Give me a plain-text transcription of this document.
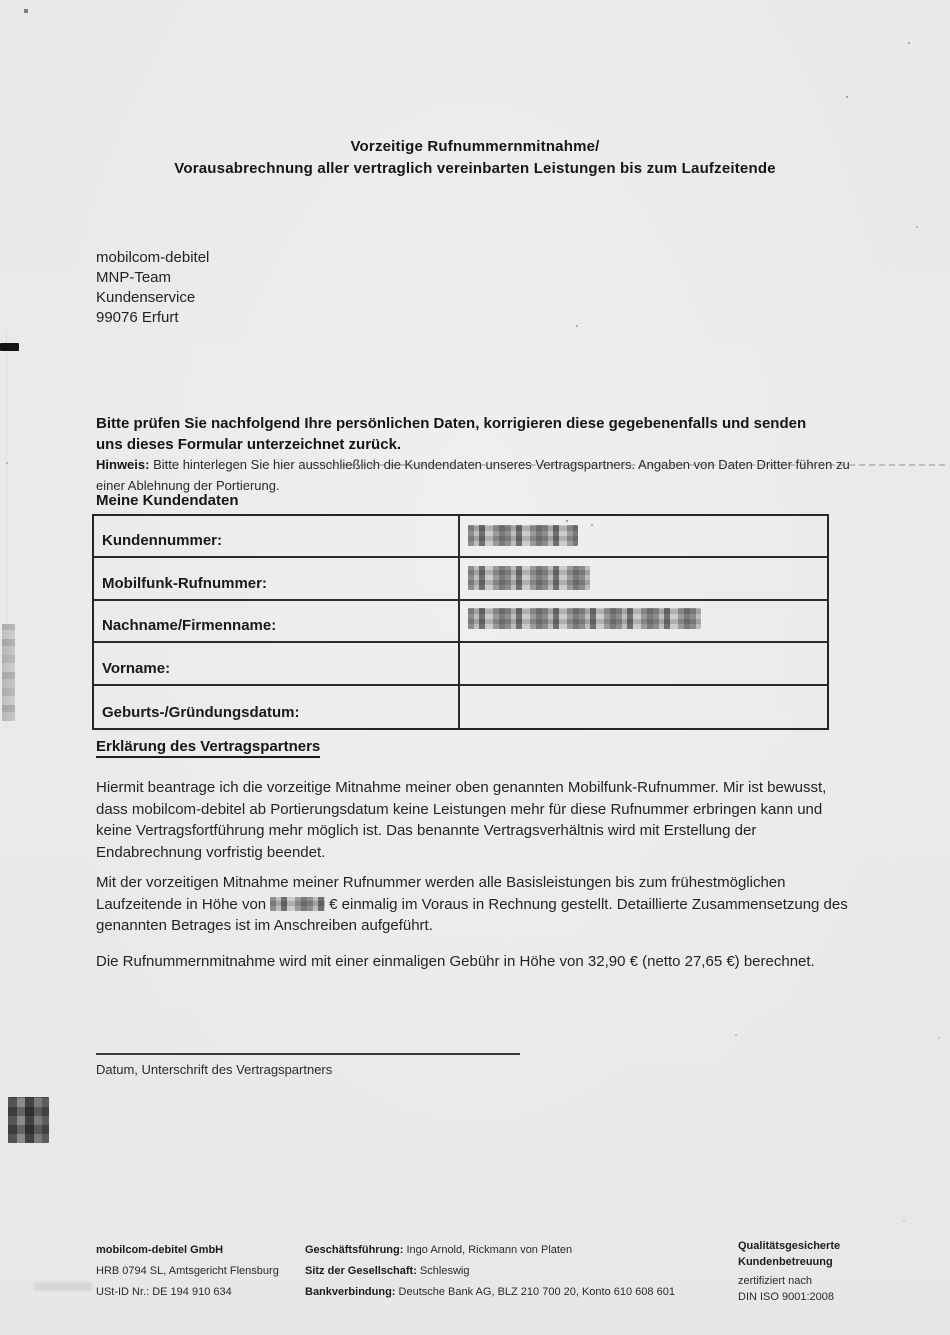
Vorzeitige Rufnummernmitnahme/
Vorausabrechnung aller vertraglich vereinbarten Leistungen bis zum Laufzeitende
mobilcom-debitel
MNP-Team
Kundenservice
99076 Erfurt

Bitte prüfen Sie nachfolgend Ihre persönlichen Daten, korrigieren diese gegebenenfalls und senden uns dieses Formular unterzeichnet zurück.

Hinweis: Bitte hinterlegen Sie hier ausschließlich die Kundendaten unseres Vertragspartners. Angaben von Daten Dritter führen zu einer Ablehnung der Portierung.

Meine Kundendaten
Kundennummer:
Mobilfunk-Rufnummer:
Nachname/Firmenname:
Vorname:
Geburts-/Gründungsdatum:
Erklärung des Vertragspartners

Hiermit beantrage ich die vorzeitige Mitnahme meiner oben genannten Mobilfunk-Rufnummer. Mir ist bewusst, dass mobilcom-debitel ab Portierungsdatum keine Leistungen mehr für diese Rufnummer erbringen kann und keine Vertragsfortführung mehr möglich ist. Das benannte Vertragsverhältnis wird mit Erstellung der Endabrechnung vorfristig beendet.

Mit der vorzeitigen Mitnahme meiner Rufnummer werden alle Basisleistungen bis zum frühestmöglichen Laufzeitende in Höhe von	€ einmalig im Voraus in Rechnung gestellt. Detaillierte Zusammensetzung des genannten Betrages ist im Anschreiben aufgeführt.

Die Rufnummernmitnahme wird mit einer einmaligen Gebühr in Höhe von 32,90 € (netto 27,65 €) berechnet.

Datum, Unterschrift des Vertragspartners
mobilcom-debitel GmbH
HRB 0794 SL, Amtsgericht Flensburg
USt-ID Nr.: DE 194 910 634
Geschäftsführung: Ingo Arnold, Rickmann von Platen
Sitz der Gesellschaft: Schleswig
Bankverbindung: Deutsche Bank AG, BLZ 210 700 20, Konto 610 608 601
Qualitätsgesicherte
Kundenbetreuung
zertifiziert nach
DIN ISO 9001:2008
